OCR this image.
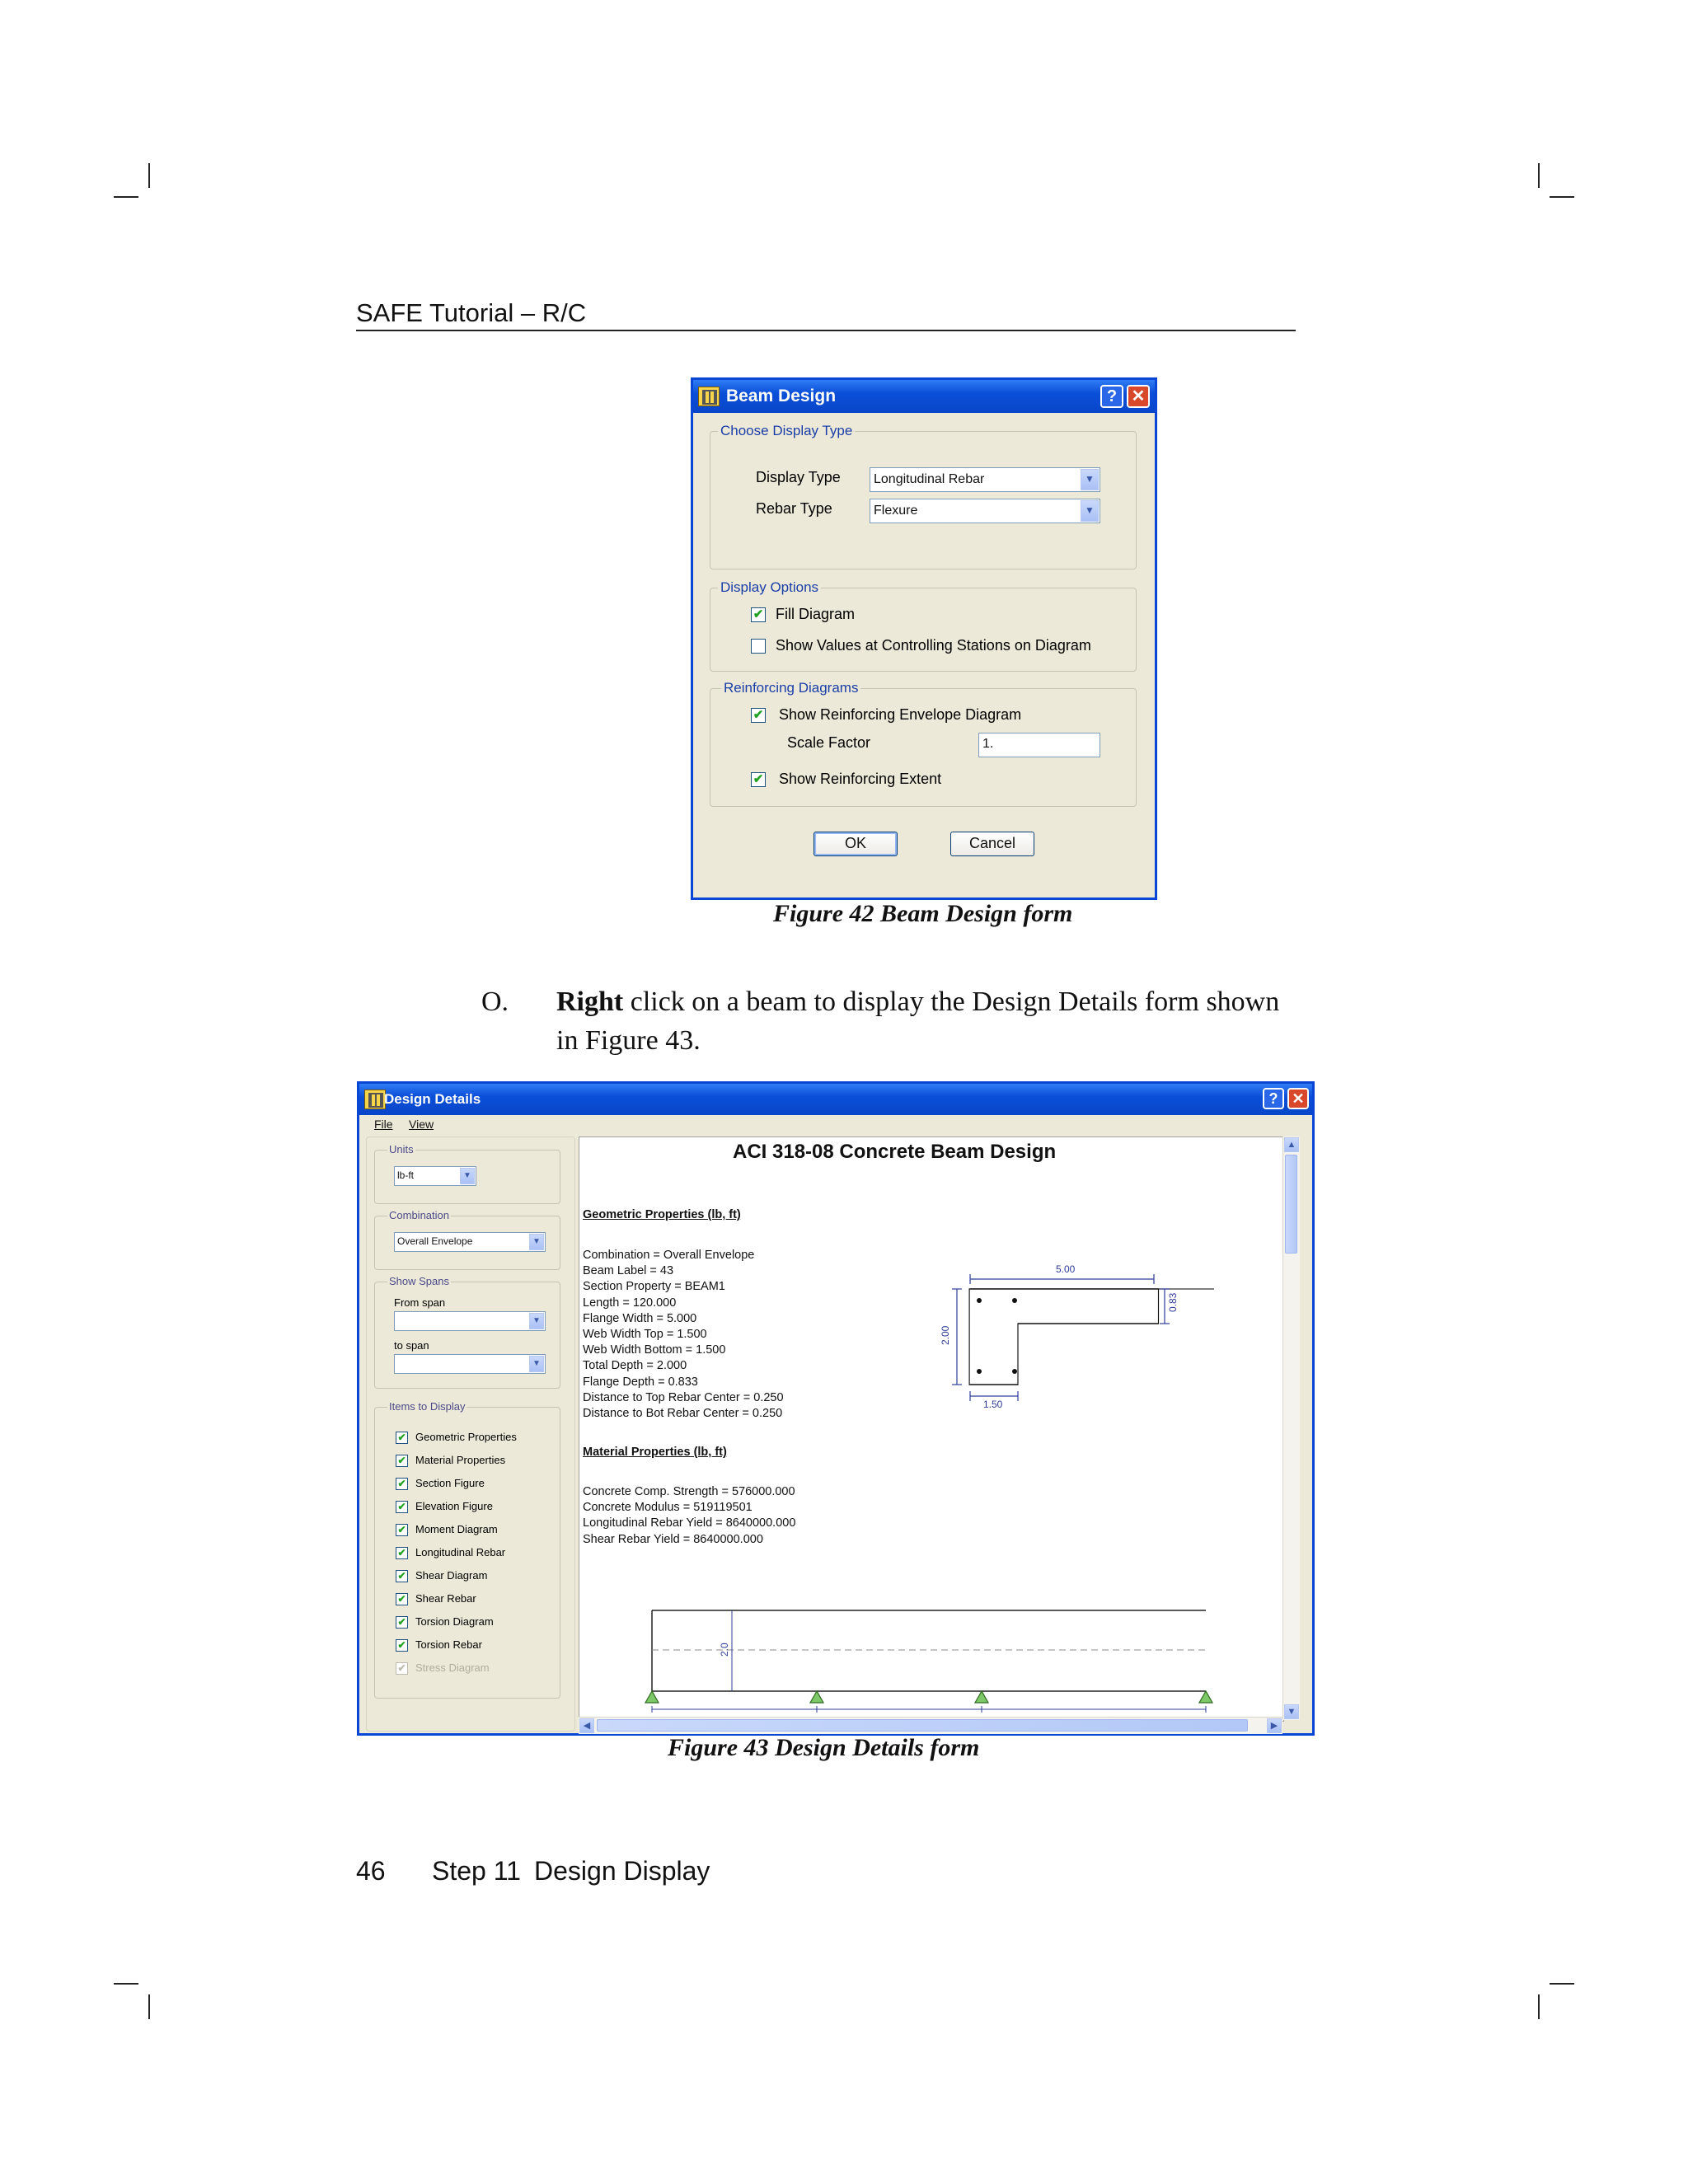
SAFE Tutorial – R/C
Beam Design	? ✕
Choose Display Type
Display Type	Longitudinal Rebar	▼
Rebar Type	Flexure	▼
Display Options
✔ Fill Diagram
Show Values at Controlling Stations on Diagram
Reinforcing Diagrams
✔ Show Reinforcing Envelope Diagram
Scale Factor	1.
✔ Show Reinforcing Extent
OK	Cancel
Figure 42 Beam Design form
O. Right click on a beam to display the Design Details form shown
in Figure 43.
Design Details	? ✕
File View
Units
lb-ft	▼
Combination
Overall Envelope	▼
Show Spans
From span
▼
to span
▼
Items to Display
✔ Geometric Properties
✔ Material Properties
✔ Section Figure
✔ Elevation Figure
✔ Moment Diagram
✔ Longitudinal Rebar
✔ Shear Diagram
✔ Shear Rebar
✔ Torsion Diagram
✔ Torsion Rebar
✔ Stress Diagram
ACI 318-08 Concrete Beam Design
Geometric Properties (lb, ft)
Combination = Overall Envelope
Beam Label = 43
Section Property = BEAM1
Length = 120.000
Flange Width = 5.000
Web Width Top = 1.500
Web Width Bottom = 1.500
Total Depth = 2.000
Flange Depth = 0.833
Distance to Top Rebar Center = 0.250
Distance to Bot Rebar Center = 0.250
Material Properties (lb, ft)
Concrete Comp. Strength = 576000.000
Concrete Modulus = 519119501
Longitudinal Rebar Yield = 8640000.000
Shear Rebar Yield = 8640000.000
5.00
2.00
0.83
1.50
2.0
▲
▼
◀	▶
Figure 43 Design Details form
46 Step 11 Design Display
